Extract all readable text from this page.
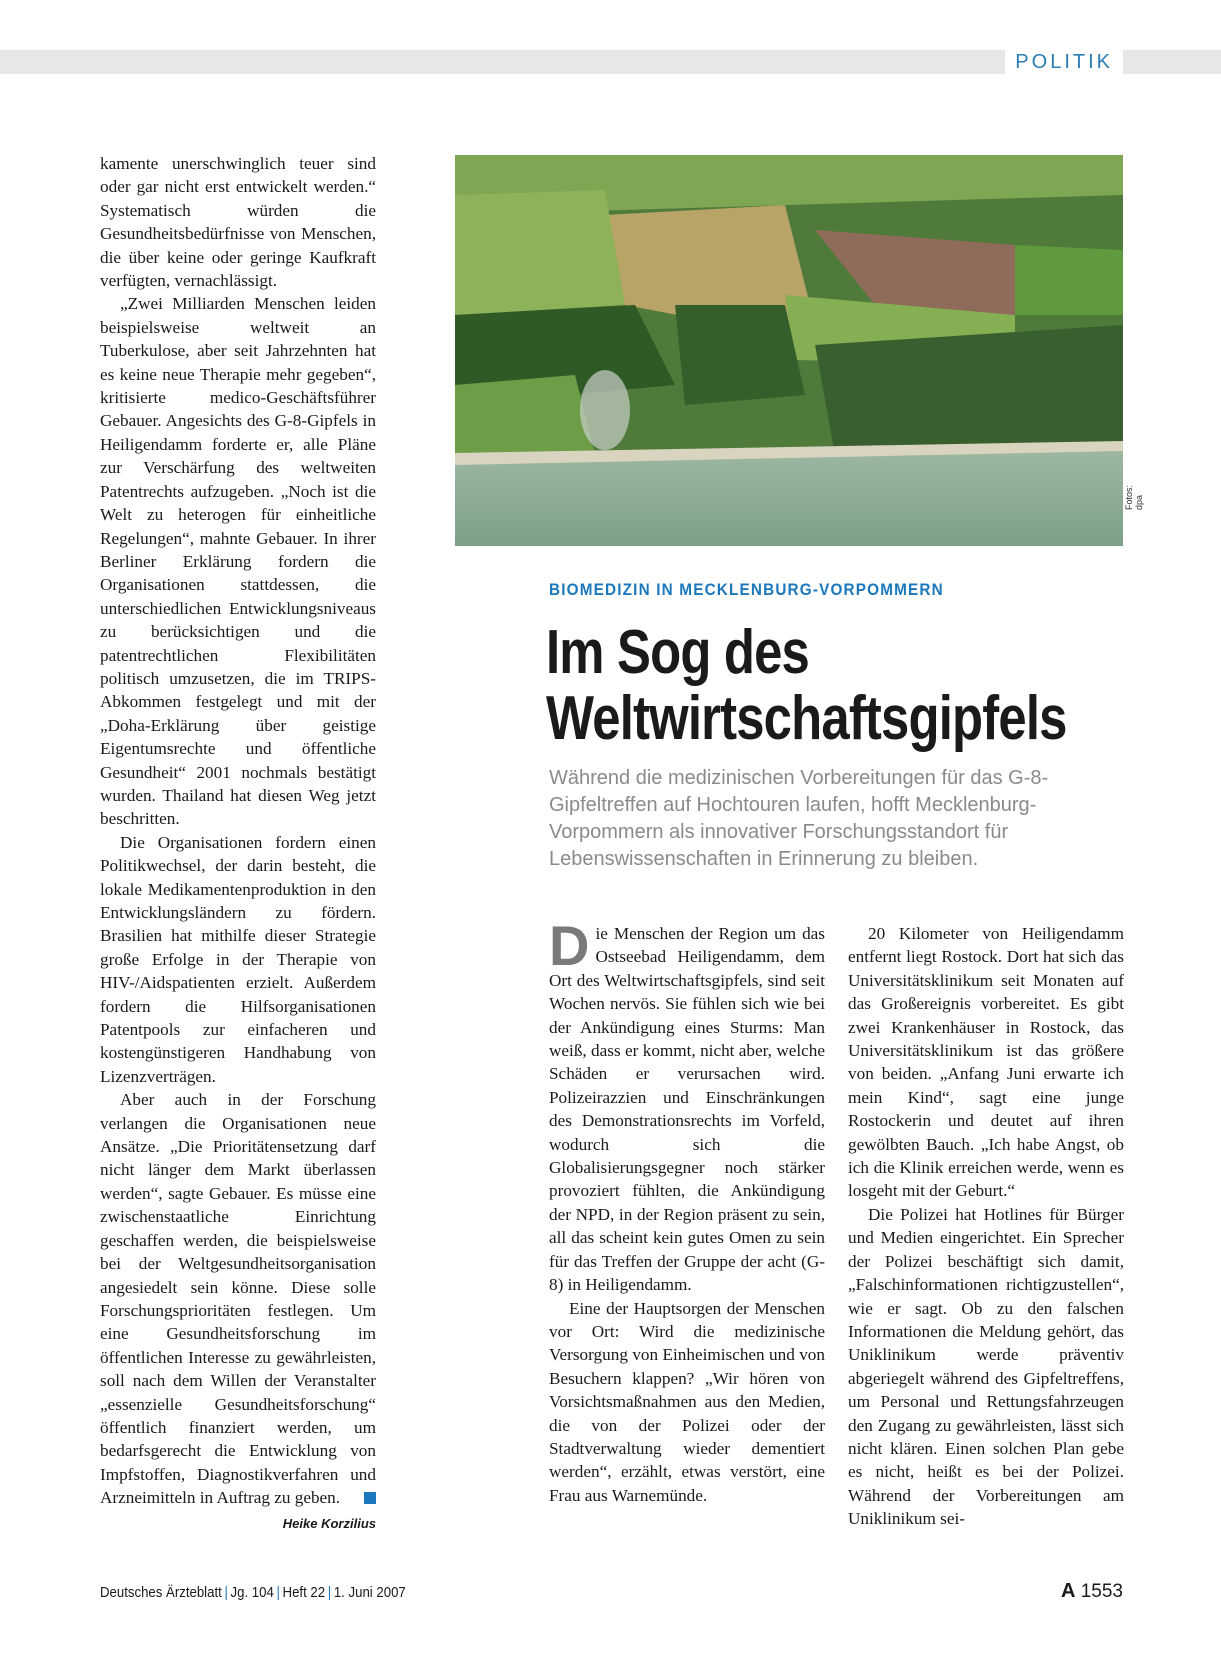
POLITIK

kamente unerschwinglich teuer sind oder gar nicht erst entwickelt werden.“ Systematisch würden die Gesundheitsbedürfnisse von Menschen, die über keine oder geringe Kaufkraft verfügten, vernachlässigt.

„Zwei Milliarden Menschen leiden beispielsweise weltweit an Tuberkulose, aber seit Jahrzehnten hat es keine neue Therapie mehr gegeben“, kritisierte medico-Geschäftsführer Gebauer. Angesichts des G-8-Gipfels in Heiligendamm forderte er, alle Pläne zur Verschärfung des weltweiten Patentrechts aufzugeben. „Noch ist die Welt zu heterogen für einheitliche Regelungen“, mahnte Gebauer. In ihrer Berliner Erklärung fordern die Organisationen stattdessen, die unterschiedlichen Entwicklungsniveaus zu berücksichtigen und die patentrechtlichen Flexibilitäten politisch umzusetzen, die im TRIPS-Abkommen festgelegt und mit der „Doha-Erklärung über geistige Eigentumsrechte und öffentliche Gesundheit“ 2001 nochmals bestätigt wurden. Thailand hat diesen Weg jetzt beschritten.

Die Organisationen fordern einen Politikwechsel, der darin besteht, die lokale Medikamentenproduktion in den Entwicklungsländern zu fördern. Brasilien hat mithilfe dieser Strategie große Erfolge in der Therapie von HIV-/Aidspatienten erzielt. Außerdem fordern die Hilfsorganisationen Patentpools zur einfacheren und kostengünstigeren Handhabung von Lizenzverträgen.

Aber auch in der Forschung verlangen die Organisationen neue Ansätze. „Die Prioritätensetzung darf nicht länger dem Markt überlassen werden“, sagte Gebauer. Es müsse eine zwischenstaatliche Einrichtung geschaffen werden, die beispielsweise bei der Weltgesundheitsorganisation angesiedelt sein könne. Diese solle Forschungsprioritäten festlegen. Um eine Gesundheitsforschung im öffentlichen Interesse zu gewährleisten, soll nach dem Willen der Veranstalter „essenzielle Gesundheitsforschung“ öffentlich finanziert werden, um bedarfsgerecht die Entwicklung von Impfstoffen, Diagnostikverfahren und Arzneimitteln in Auftrag zu geben.

Heike Korzilius
Fotos: dpa
BIOMEDIZIN IN MECKLENBURG-VORPOMMERN
Im Sog des
Weltwirtschaftsgipfels
Während die medizinischen Vorbereitungen für das G-8-Gipfeltreffen auf Hochtouren laufen, hofft Mecklenburg-Vorpommern als innovativer Forschungsstandort für Lebenswissenschaften in Erinnerung zu bleiben.

Die Menschen der Region um das Ostseebad Heiligendamm, dem Ort des Weltwirtschaftsgipfels, sind seit Wochen nervös. Sie fühlen sich wie bei der Ankündigung eines Sturms: Man weiß, dass er kommt, nicht aber, welche Schäden er verursachen wird. Polizeirazzien und Einschränkungen des Demonstrationsrechts im Vorfeld, wodurch sich die Globalisierungsgegner noch stärker provoziert fühlten, die Ankündigung der NPD, in der Region präsent zu sein, all das scheint kein gutes Omen zu sein für das Treffen der Gruppe der acht (G-8) in Heiligendamm.

Eine der Hauptsorgen der Menschen vor Ort: Wird die medizinische Versorgung von Einheimischen und von Besuchern klappen? „Wir hören von Vorsichtsmaßnahmen aus den Medien, die von der Polizei oder der Stadtverwaltung wieder dementiert werden“, erzählt, etwas verstört, eine Frau aus Warnemünde.

20 Kilometer von Heiligendamm entfernt liegt Rostock. Dort hat sich das Universitätsklinikum seit Monaten auf das Großereignis vorbereitet. Es gibt zwei Krankenhäuser in Rostock, das Universitätsklinikum ist das größere von beiden. „Anfang Juni erwarte ich mein Kind“, sagt eine junge Rostockerin und deutet auf ihren gewölbten Bauch. „Ich habe Angst, ob ich die Klinik erreichen werde, wenn es losgeht mit der Geburt.“

Die Polizei hat Hotlines für Bürger und Medien eingerichtet. Ein Sprecher der Polizei beschäftigt sich damit, „Falschinformationen richtigzustellen“, wie er sagt. Ob zu den falschen Informationen die Meldung gehört, das Uniklinikum werde präventiv abgeriegelt während des Gipfeltreffens, um Personal und Rettungsfahrzeugen den Zugang zu gewährleisten, lässt sich nicht klären. Einen solchen Plan gebe es nicht, heißt es bei der Polizei. Während der Vorbereitungen am Uniklinikum sei-

Deutsches Ärzteblatt | Jg. 104 | Heft 22 | 1. Juni 2007	A 1553
